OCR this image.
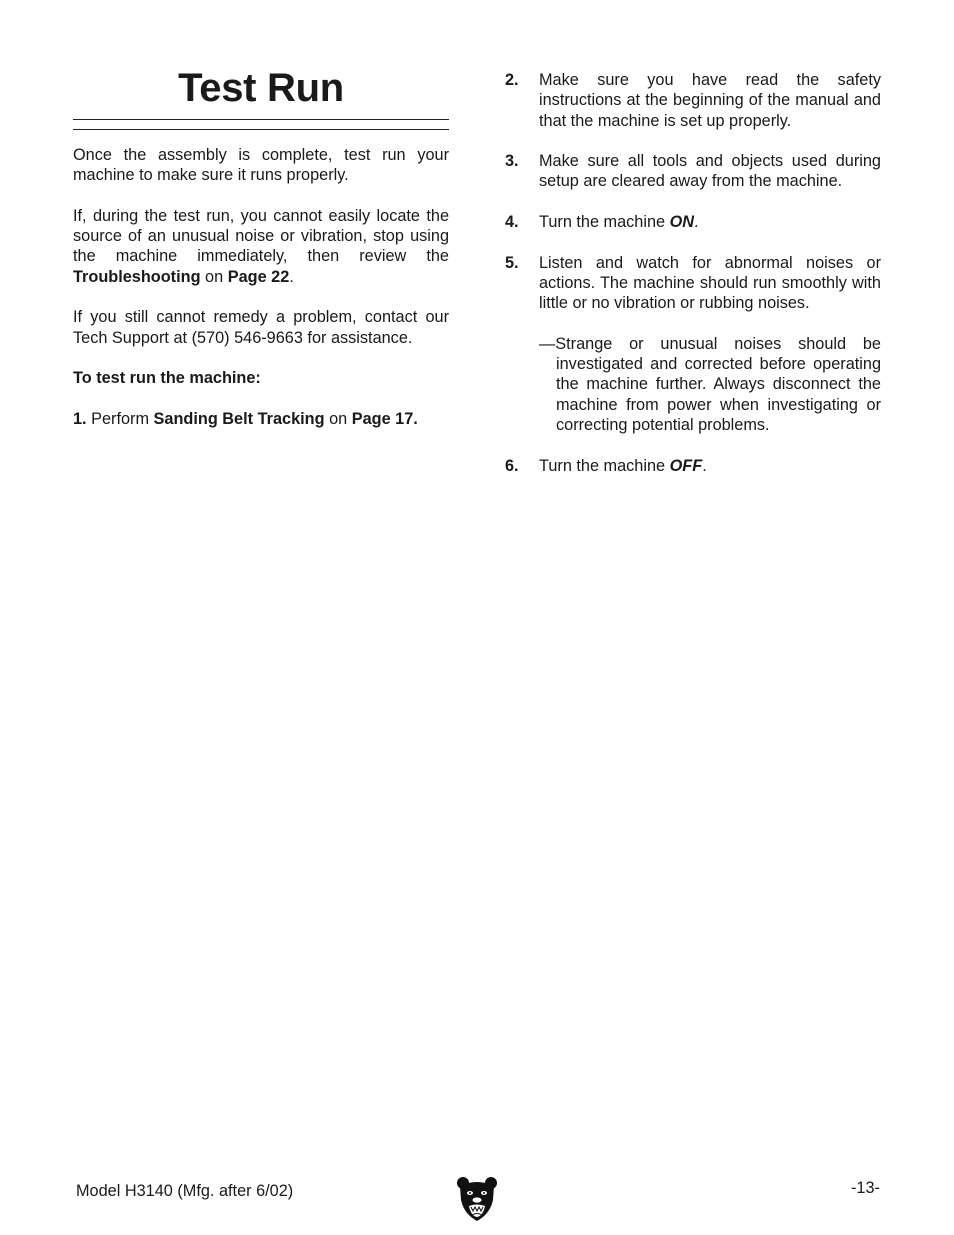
Test Run

Once the assembly is complete, test run your machine to make sure it runs properly.

If, during the test run, you cannot easily locate the source of an unusual noise or vibration, stop using the machine immediately, then review the Troubleshooting on Page 22.

If you still cannot remedy a problem, contact our Tech Support at (570) 546-9663 for assistance.

To test run the machine:

1. Perform Sanding Belt Tracking on Page 17.

2. Make sure you have read the safety instructions at the beginning of the manual and that the machine is set up properly.
3. Make sure all tools and objects used during setup are cleared away from the machine.
4. Turn the machine ON.
5. Listen and watch for abnormal noises or actions. The machine should run smoothly with little or no vibration or rubbing noises.
—Strange or unusual noises should be investigated and corrected before operating the machine further. Always disconnect the machine from power when investigating or correcting potential problems.
6. Turn the machine OFF.
Model H3140 (Mfg. after 6/02)	-13-
